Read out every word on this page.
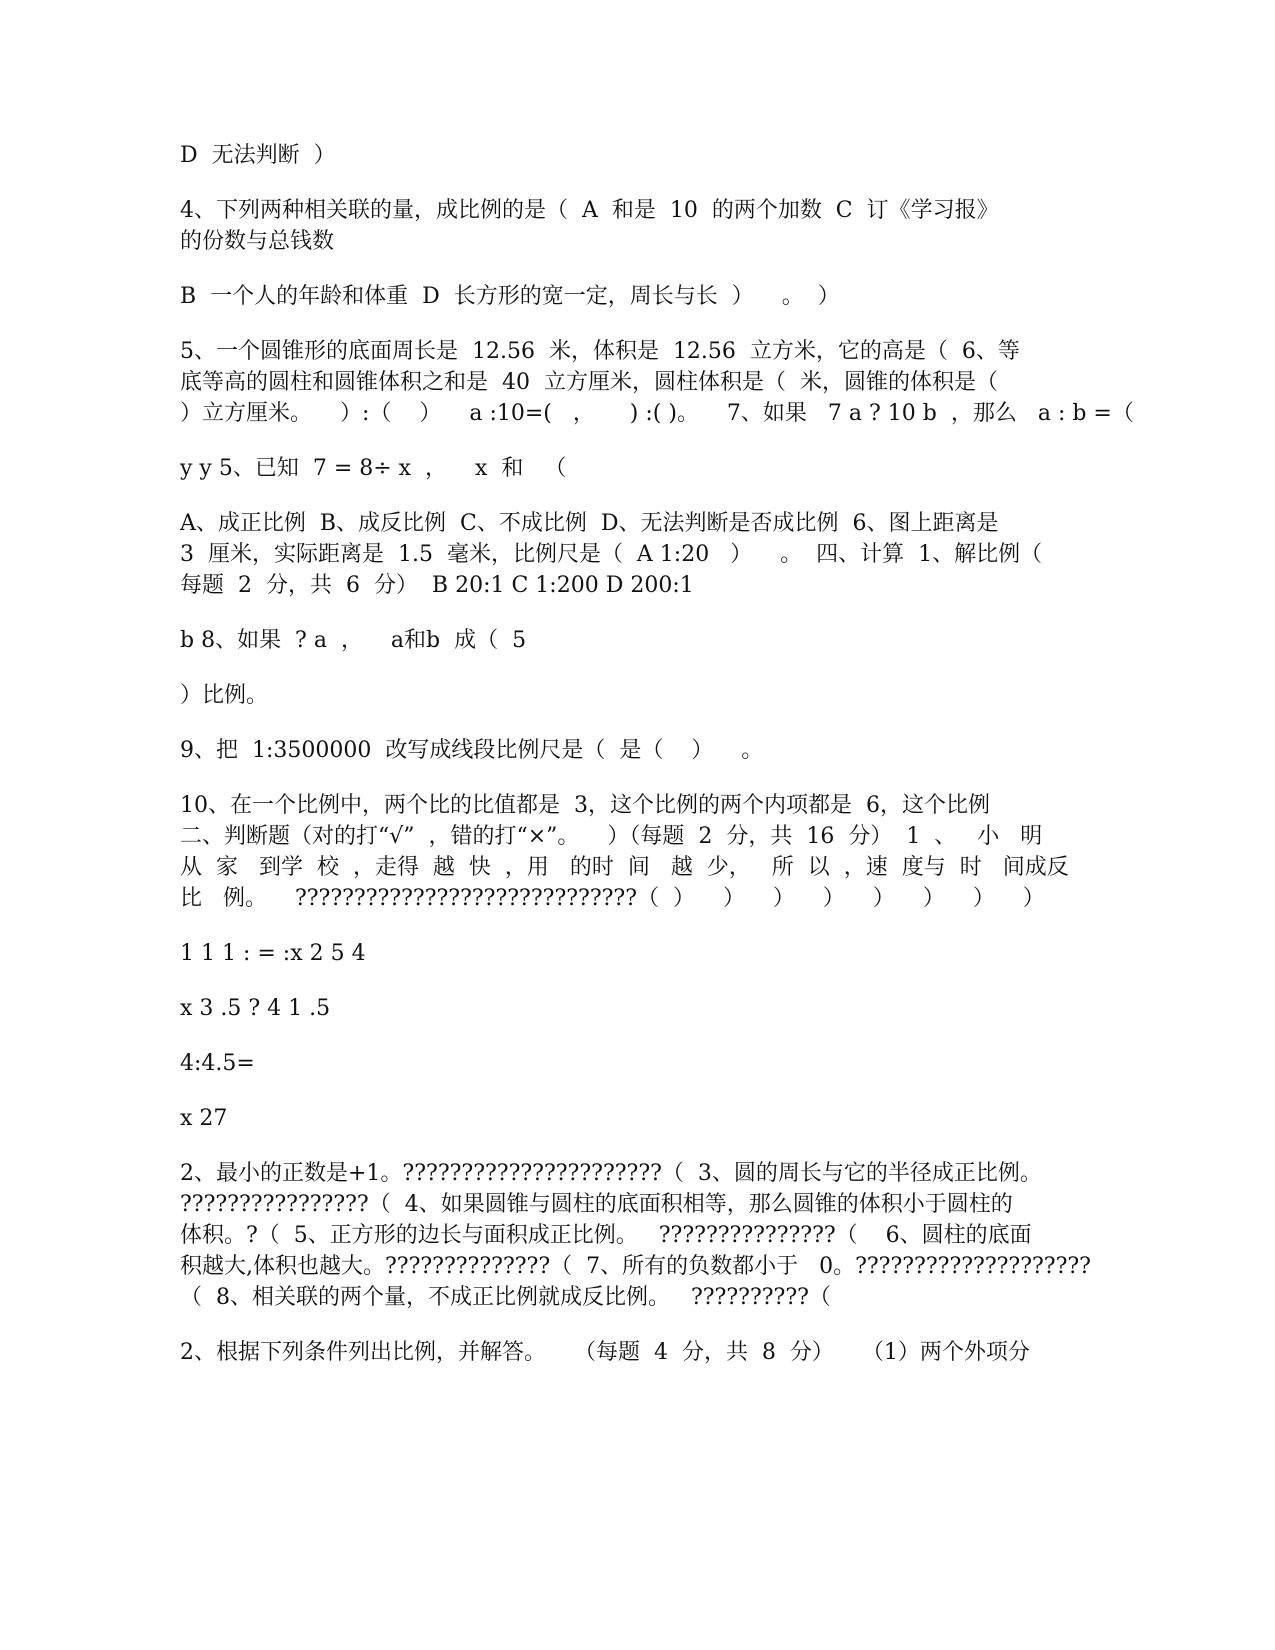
D  无法判断  ）
4、下列两种相关联的量，成比例的是（  A  和是  10  的两个加数  C  订《学习报》
的份数与总钱数
B  一个人的年龄和体重  D  长方形的宽一定，周长与长  ）    。  ）
5、一个圆锥形的底面周长是  12.56  米，体积是  12.56  立方米，它的高是（  6、等
底等高的圆柱和圆锥体积之和是  40  立方厘米，圆柱体积是（  米，圆锥的体积是（
）立方厘米。    ）:（    ）    a :10=(   ，     ) :( )。    7、如果   7 a ? 10 b  ，那么   a : b =（
y y 5、已知  7 = 8÷ x  ，    x  和   （
A、成正比例  B、成反比例  C、不成比例  D、无法判断是否成比例  6、图上距离是
3  厘米，实际距离是  1.5  毫米，比例尺是（  A 1:20   ）    。  四、计算  1、解比例（
每题  2  分，共  6  分）  B 20:1 C 1:200 D 200:1
b 8、如果  ? a  ，    a和b  成（  5
）比例。
9、把  1:3500000  改写成线段比例尺是（  是（    ）    。
10、在一个比例中，两个比的比值都是  3，这个比例的两个内项都是  6，这个比例
二、判断题（对的打“√”  ，错的打“×”。    ）（每题  2  分，共  16  分）  1  、   小   明
从  家   到学  校  ，走得  越  快  ，用   的时  间   越  少，   所  以  ，速  度与  时   间成反
比   例。    ?????????????????????????????（  ）    ）    ）    ）    ）    ）    ）    ）
1 1 1 : = :x 2 5 4
x 3 .5 ? 4 1 .5
4:4.5=
x 27
2、最小的正数是+1。??????????????????????（  3、圆的周长与它的半径成正比例。
????????????????（  4、如果圆锥与圆柱的底面积相等，那么圆锥的体积小于圆柱的
体积。?（  5、正方形的边长与面积成正比例。   ???????????????（    6、圆柱的底面
积越大,体积也越大。??????????????（  7、所有的负数都小于   0。????????????????????
（  8、相关联的两个量，不成正比例就成反比例。   ??????????（
2、根据下列条件列出比例，并解答。    （每题  4  分，共  8  分）    （1）两个外项分
